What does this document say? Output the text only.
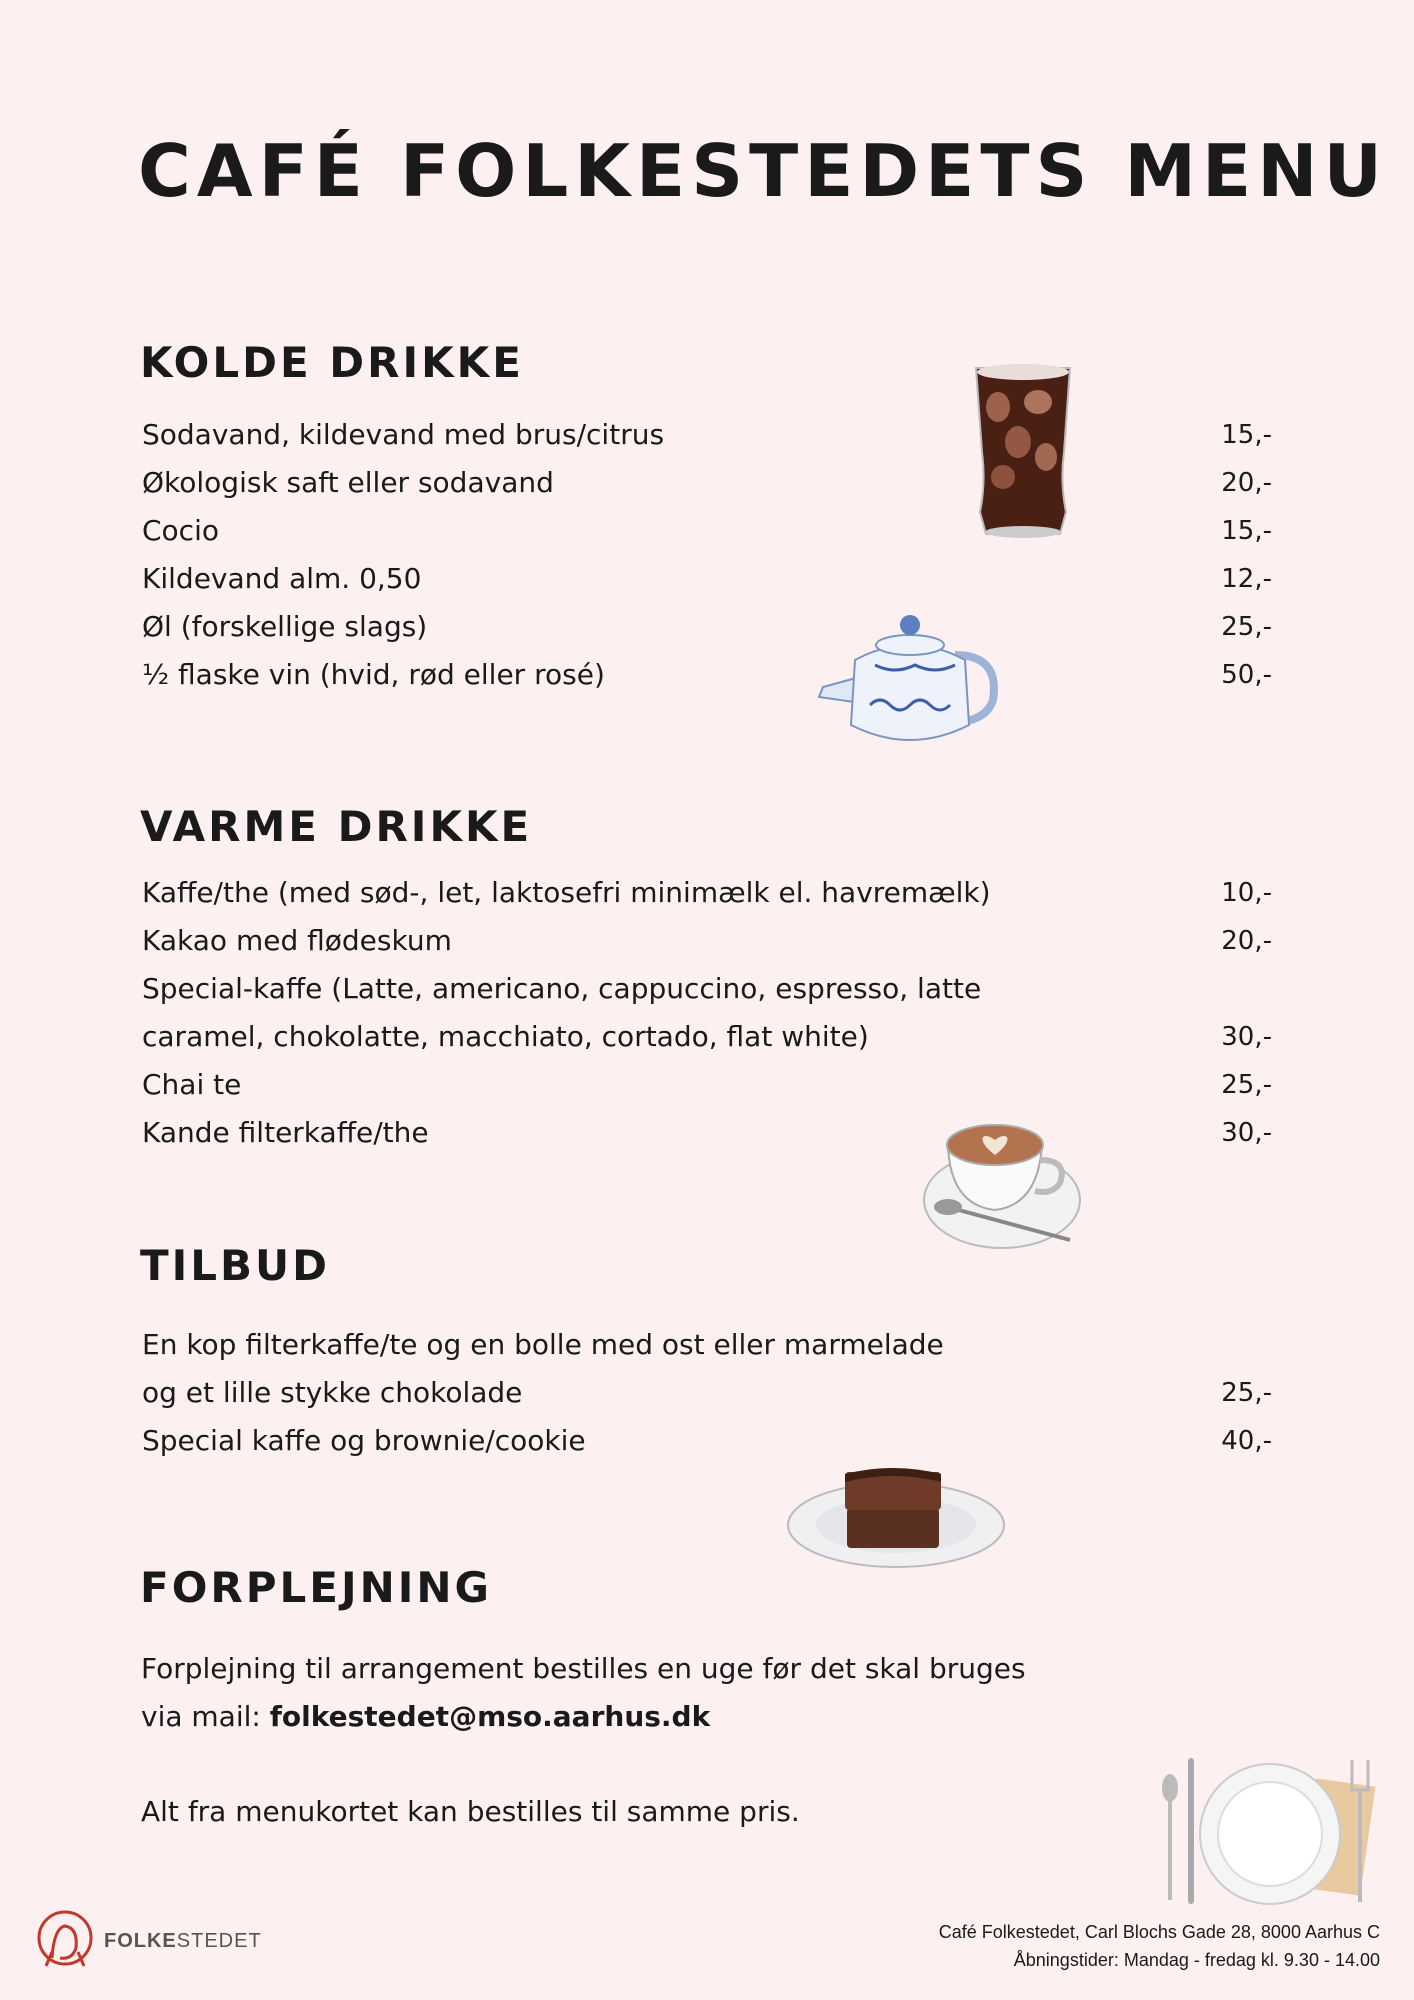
CAFÉ FOLKESTEDETS MENU
KOLDE DRIKKE
Sodavand, kildevand med brus/citrus	15,-
Økologisk saft eller sodavand	20,-
Cocio	15,-
Kildevand alm. 0,50	12,-
Øl (forskellige slags)	25,-
½ flaske vin (hvid, rød eller rosé)	50,-
VARME DRIKKE
Kaffe/the (med sød-, let, laktosefri minimælk el. havremælk)	10,-
Kakao med flødeskum	20,-
Special-kaffe (Latte, americano, cappuccino, espresso, latte
caramel, chokolatte, macchiato, cortado, flat white)	30,-
Chai te	25,-
Kande filterkaffe/the	30,-
TILBUD
En kop filterkaffe/te og en bolle med ost eller marmelade
og et lille stykke chokolade	25,-
Special kaffe og brownie/cookie	40,-
FORPLEJNING

Forplejning til arrangement bestilles en uge før det skal bruges

via mail: folkestedet@mso.aarhus.dk

Alt fra menukortet kan bestilles til samme pris.

FOLKESTEDET	Café Folkestedet, Carl Blochs Gade 28, 8000 Aarhus C
Åbningstider: Mandag - fredag kl. 9.30 - 14.00
